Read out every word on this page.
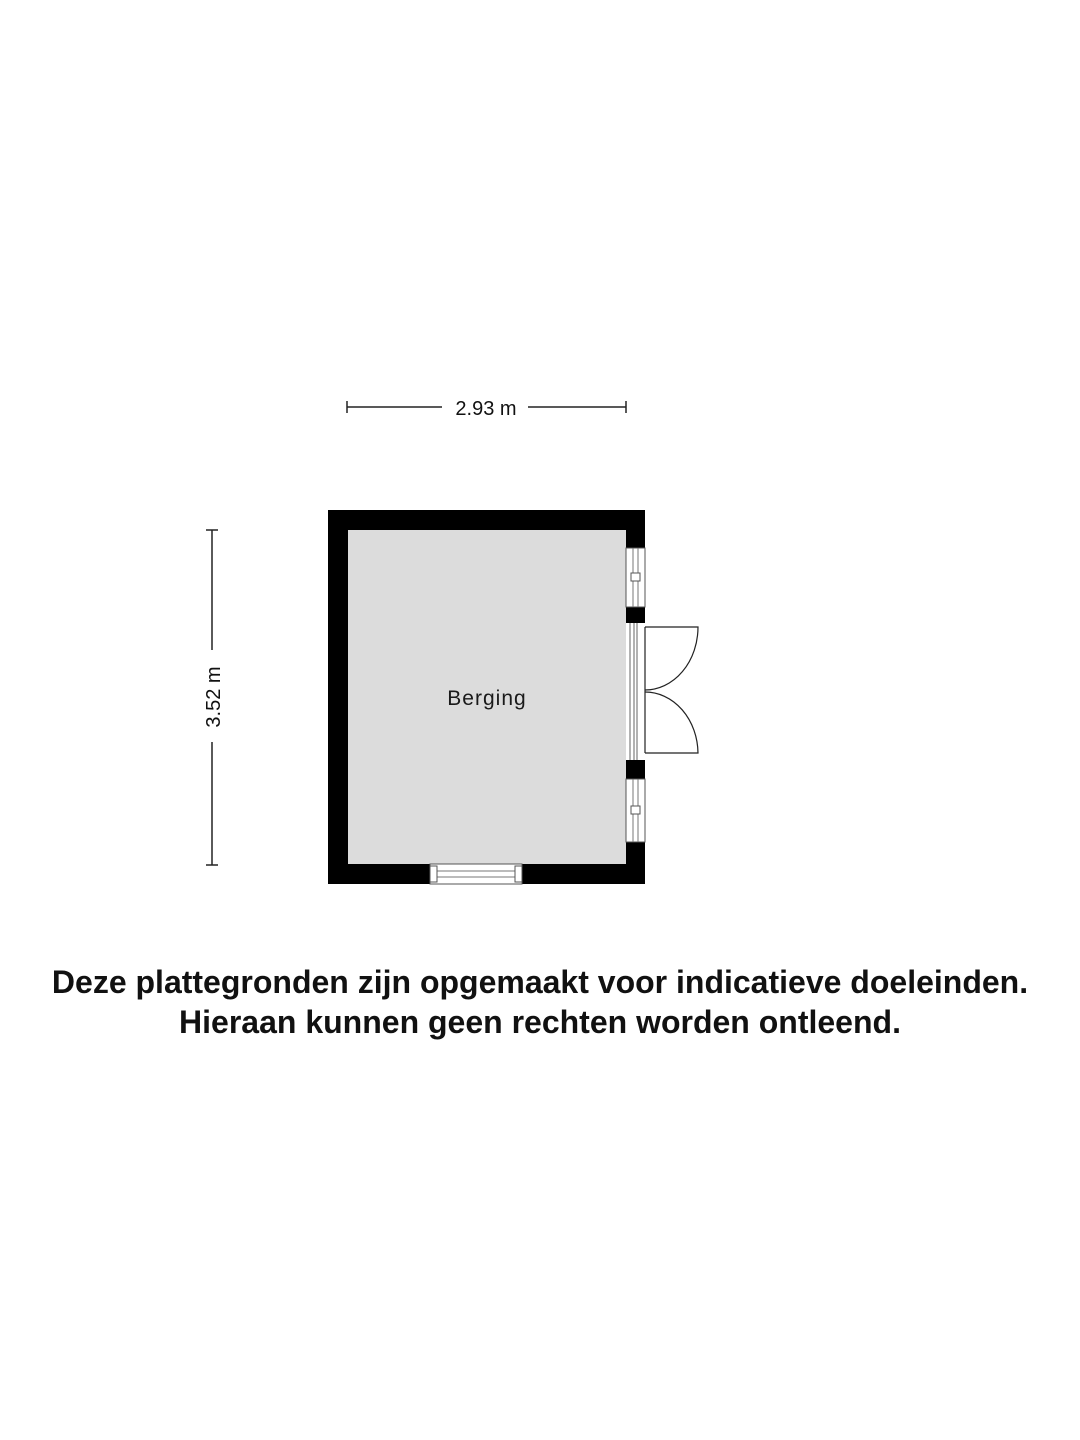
2.93 m
3.52 m	Berging
Deze plattegronden zijn opgemaakt voor indicatieve doeleinden.
Hieraan kunnen geen rechten worden ontleend.
